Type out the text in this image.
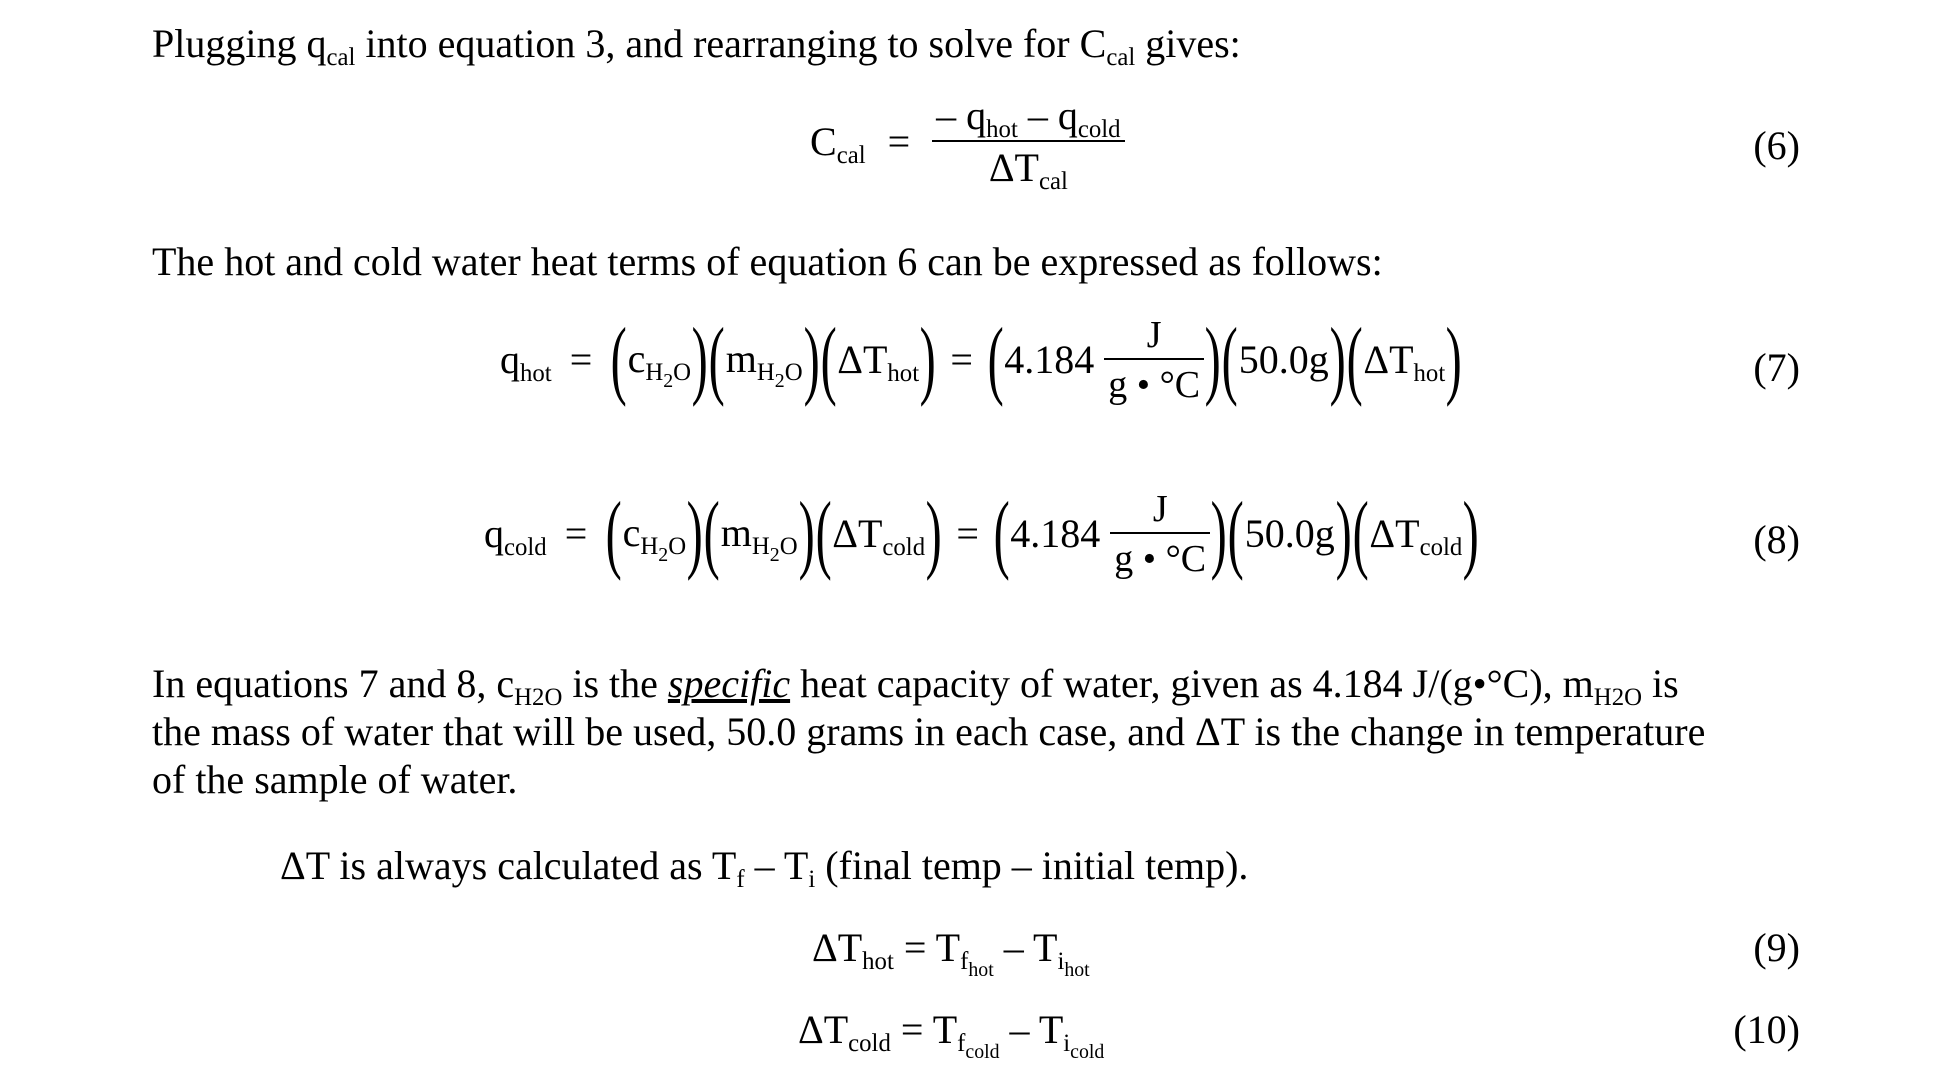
Plugging $q_{cal}$ into equation 3, and rearranging to solve for $C_{cal}$ gives:
$C_{cal} = \frac{- q_{hot} - q_{cold}}{\Delta T_{cal}}$	(6)
The hot and cold water heat terms of equation 6 can be expressed as follows:
$q_{hot} = (c_{H_2O})(m_{H_2O})(\Delta T_{hot}) = (4.184 \frac{J}{g • ^\circ C} )(50.0g)(\Delta T_{hot})$	(7)
$q_{cold} = (c_{H_2O})(m_{H_2O})(\Delta T_{cold}) = (4.184 \frac{J}{g • ^\circ C} )(50.0g)(\Delta T_{cold})$	(8)
In equations 7 and 8, $c_{H2O}$ is the specific heat capacity of water, given as 4.184 J/(g•°C), $m_{H2O}$ is
the mass of water that will be used, 50.0 grams in each case, and ΔT is the change in temperature
of the sample of water.
ΔT is always calculated as $T_f - T_i$ (final temp – initial temp).
$\Delta T_{hot} = T_{f_{hot}} - T_{i_{hot}}$	(9)
$\Delta T_{cold} = T_{f_{cold}} - T_{i_{cold}}$	(10)
